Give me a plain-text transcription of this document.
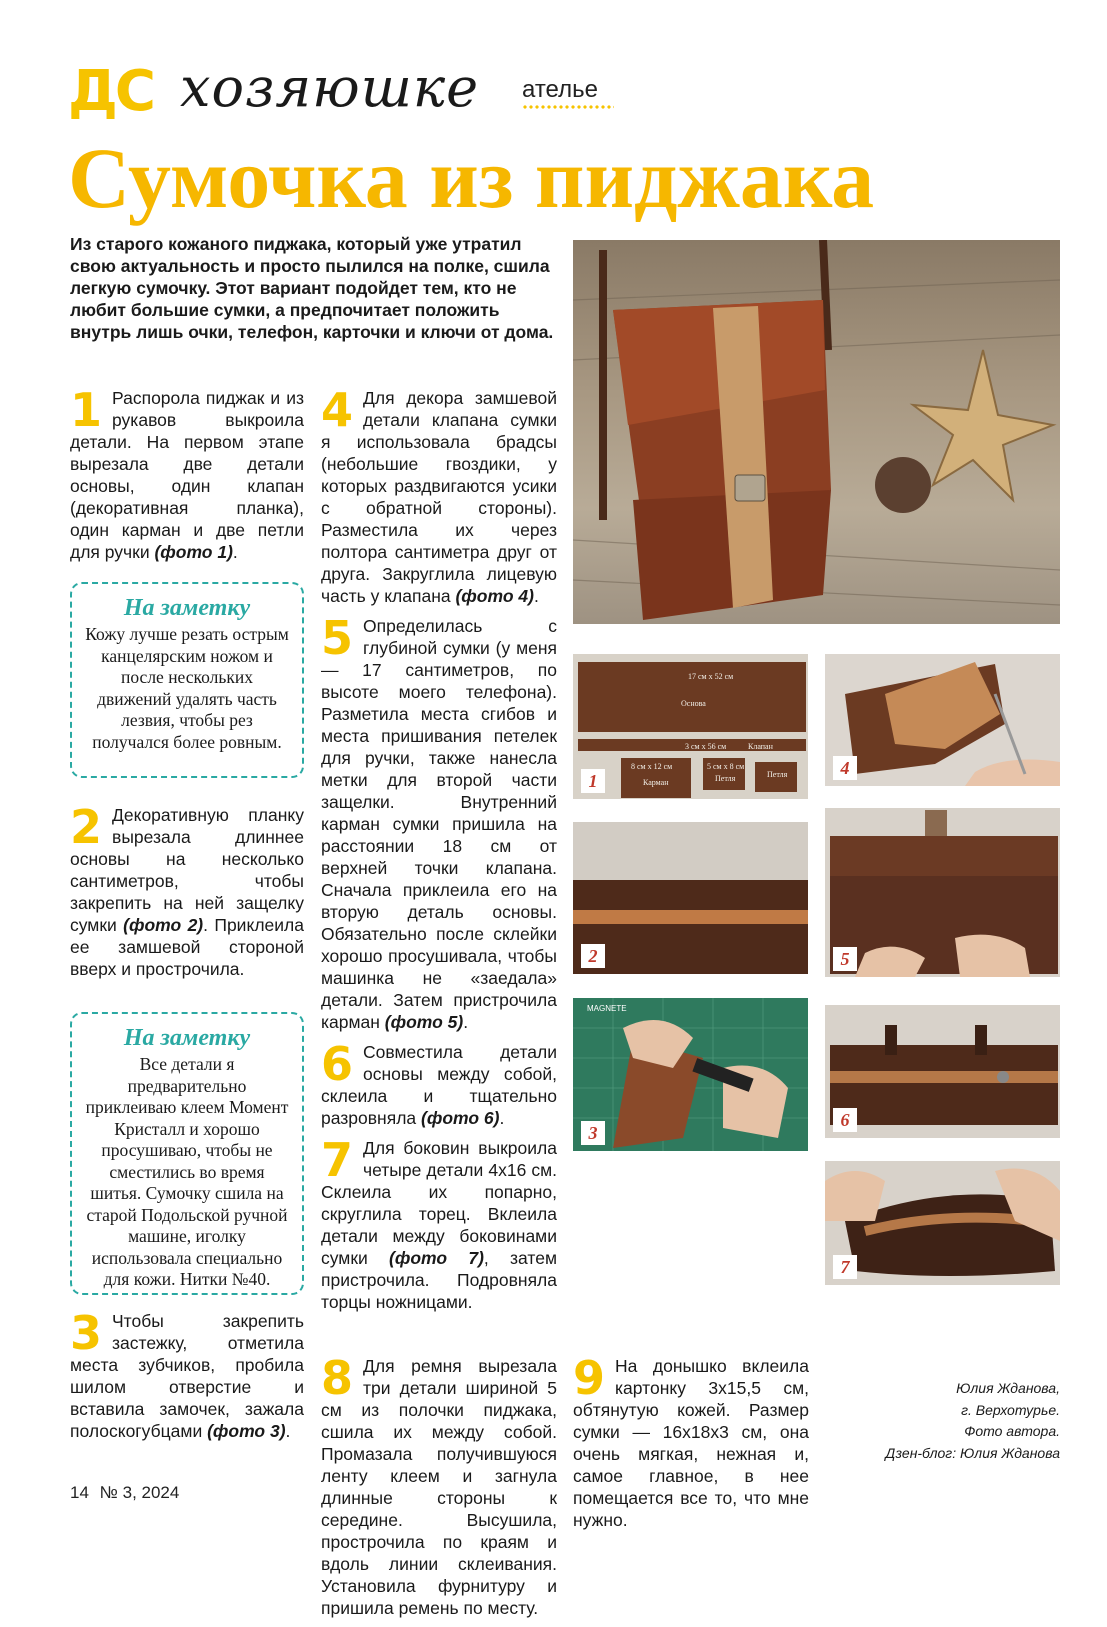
ДС хозяюшке ателье
Сумочка из пиджака
Из старого кожаного пиджака, который уже утратил свою актуальность и просто пылился на полке, сшила легкую сумочку. Этот вариант подойдет тем, кто не любит большие сумки, а предпочитает положить внутрь лишь очки, телефон, карточки и ключи от дома.
1 Распорола пиджак и из рукавов выкроила детали. На первом этапе вырезала две детали основы, один клапан (декоративная планка), один карман и две петли для ручки (фото 1).
На заметку
Кожу лучше резать острым канцелярским ножом и после нескольких движений удалять часть лезвия, чтобы рез получался более ровным.
2 Декоративную планку вырезала длиннее основы на несколько сантиметров, чтобы закрепить на ней защелку сумки (фото 2). Приклеила ее замшевой стороной вверх и прострочила.
На заметку
Все детали я предварительно приклеиваю клеем Момент Кристалл и хорошо просушиваю, чтобы не сместились во время шитья. Сумочку сшила на старой Подольской ручной машине, иголку использовала специально для кожи. Нитки №40.
3 Чтобы закрепить застежку, отметила места зубчиков, пробила шилом отверстие и вставила замочек, зажала полоскогубцами (фото 3).
4 Для декора замшевой детали клапана сумки я использовала брадсы (небольшие гвоздики, у которых раздвигаются усики с обратной стороны). Разместила их через полтора сантиметра друг от друга. Закруглила лицевую часть у клапана (фото 4).
5 Определилась с глубиной сумки (у меня — 17 сантиметров, по высоте моего телефона). Разметила места сгибов и места пришивания петелек для ручки, также нанесла метки для второй части защелки. Внутренний карман сумки пришила на расстоянии 18 см от верхней точки клапана. Сначала приклеила его на вторую деталь основы. Обязательно после склейки хорошо просушивала, чтобы машинка не «заедала» детали. Затем пристрочила карман (фото 5).
6 Совместила детали основы между собой, склеила и тщательно разровняла (фото 6).
7 Для боковин выкроила четыре детали 4х16 см. Склеила их попарно, скруглила торец. Вклеила детали между боковинами сумки (фото 7), затем пристрочила. Подровняла торцы ножницами.
8 Для ремня вырезала три детали шириной 5 см из полочки пиджака, сшила их между собой. Промазала получившуюся ленту клеем и загнула длинные стороны к середине. Высушила, прострочила по краям и вдоль линии склеивания. Установила фурнитуру и пришила ремень по месту.
9 На донышко вклеила картонку 3х15,5 см, обтянутую кожей. Размер сумки — 16х18х3 см, она очень мягкая, нежная и, самое главное, в нее помещается все то, что мне нужно.
Юлия Жданова,
г. Верхотурье.
Фото автора.
Дзен-блог: Юлия Жданова
17 см х 52 см
Основа
3 см х 56 см	Клапан
8 см х 12 см
Карман
5 см х 8 см
Петля	Петля
1
4
2	5
MAGNETE
3
6
7
14 № 3, 2024
